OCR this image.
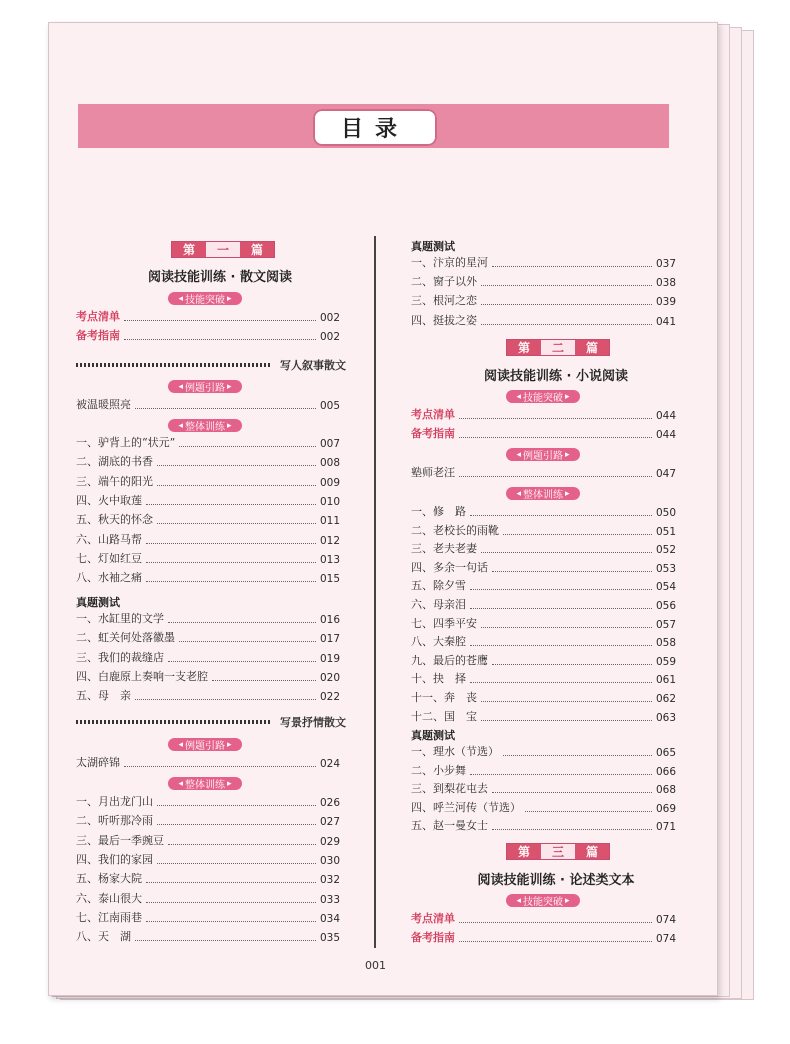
目录
第	一	篇
阅读技能训练 · 散文阅读
◂ 技能突破 ▸
考点清单	002
备考指南	002
写人叙事散文
◂ 例题引路 ▸
被温暖照亮	005
◂ 整体训练 ▸
一、驴背上的“状元”	007
二、湖底的书香	008
三、端午的阳光	009
四、火中取莲	010
五、秋天的怀念	011
六、山路马帮	012
七、灯如红豆	013
八、水袖之痛	015
真题测试
一、水缸里的文学	016
二、虹关何处落徽墨	017
三、我们的裁缝店	019
四、白鹿原上奏响一支老腔	020
五、母　亲	022
写景抒情散文
◂ 例题引路 ▸
太湖碎锦	024
◂ 整体训练 ▸
一、月出龙门山	026
二、听听那冷雨	027
三、最后一季豌豆	029
四、我们的家园	030
五、杨家大院	032
六、泰山很大	033
七、江南雨巷	034
八、天　湖	035
真题测试
一、汴京的星河	037
二、窗子以外	038
三、根河之恋	039
四、挺拔之姿	041
第	二	篇
阅读技能训练 · 小说阅读
◂ 技能突破 ▸
考点清单	044
备考指南	044
◂ 例题引路 ▸
塾师老汪	047
◂ 整体训练 ▸
一、修　路	050
二、老校长的雨靴	051
三、老夫老妻	052
四、多余一句话	053
五、除夕雪	054
六、母亲泪	056
七、四季平安	057
八、大秦腔	058
九、最后的苍鹰	059
十、抉　择	061
十一、奔　丧	062
十二、国　宝	063
真题测试
一、理水（节选）	065
二、小步舞	066
三、到梨花屯去	068
四、呼兰河传（节选）	069
五、赵一曼女士	071
第	三	篇
阅读技能训练 · 论述类文本
◂ 技能突破 ▸
考点清单	074
备考指南	074
001
